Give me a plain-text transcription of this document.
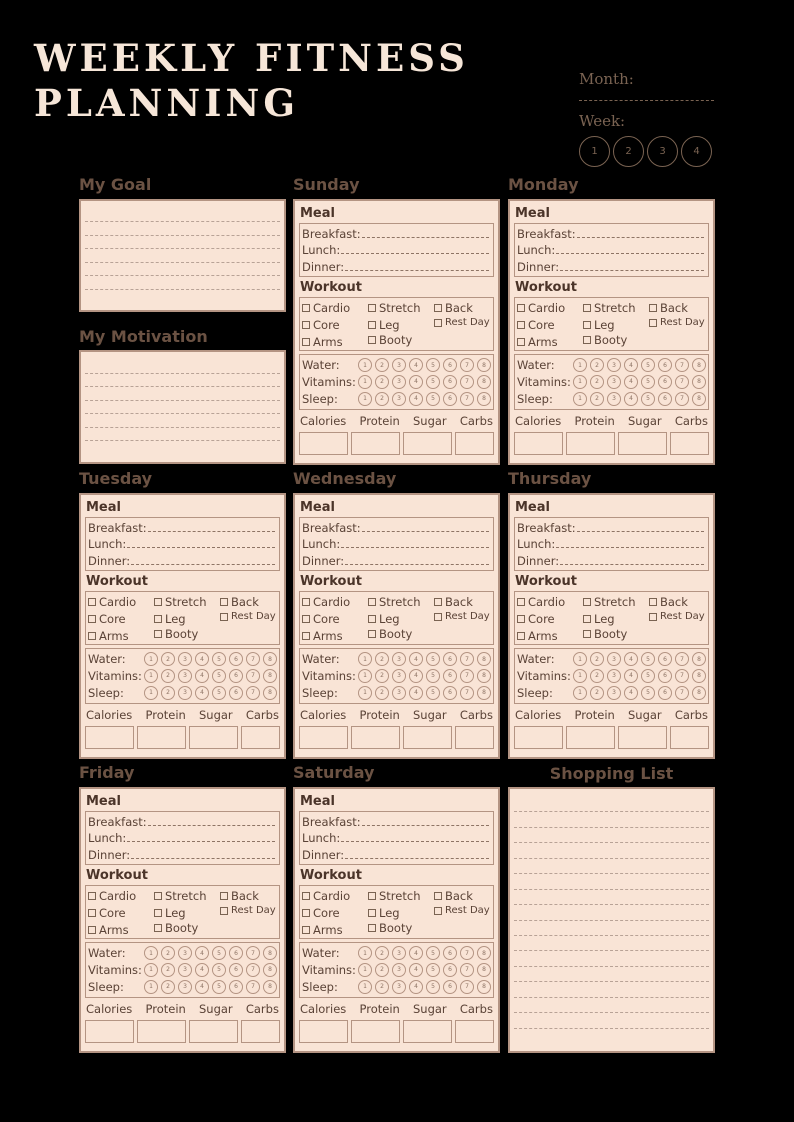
WEEKLY FITNESS
PLANNING
Month:
Week:
1	2	3	4
My Goal
My Motivation
Shopping List
Sunday
Meal
Breakfast:
Lunch:
Dinner:
Workout
Cardio	Stretch Back
Core	Leg	Rest Day
Arms	Booty
Water:	1	2	3	4	5	6	7	8
Vitamins:	1	2	3	4	5	6	7	8
Sleep:	1	2	3	4	5	6	7	8
Calories Protein Sugar Carbs
Monday
Meal
Breakfast:
Lunch:
Dinner:
Workout
Cardio	Stretch Back
Core	Leg	Rest Day
Arms	Booty
Water:	1	2	3	4	5	6	7	8
Vitamins:	1	2	3	4	5	6	7	8
Sleep:	1	2	3	4	5	6	7	8
Calories Protein Sugar Carbs
Tuesday
Meal
Breakfast:
Lunch:
Dinner:
Workout
Cardio	Stretch Back
Core	Leg	Rest Day
Arms	Booty
Water:	1	2	3	4	5	6	7	8
Vitamins:	1	2	3	4	5	6	7	8
Sleep:	1	2	3	4	5	6	7	8
Calories Protein Sugar Carbs
Wednesday
Meal
Breakfast:
Lunch:
Dinner:
Workout
Cardio	Stretch Back
Core	Leg	Rest Day
Arms	Booty
Water:	1	2	3	4	5	6	7	8
Vitamins:	1	2	3	4	5	6	7	8
Sleep:	1	2	3	4	5	6	7	8
Calories Protein Sugar Carbs
Thursday
Meal
Breakfast:
Lunch:
Dinner:
Workout
Cardio	Stretch Back
Core	Leg	Rest Day
Arms	Booty
Water:	1	2	3	4	5	6	7	8
Vitamins:	1	2	3	4	5	6	7	8
Sleep:	1	2	3	4	5	6	7	8
Calories Protein Sugar Carbs
Friday
Meal
Breakfast:
Lunch:
Dinner:
Workout
Cardio	Stretch Back
Core	Leg	Rest Day
Arms	Booty
Water:	1	2	3	4	5	6	7	8
Vitamins:	1	2	3	4	5	6	7	8
Sleep:	1	2	3	4	5	6	7	8
Calories Protein Sugar Carbs
Saturday
Meal
Breakfast:
Lunch:
Dinner:
Workout
Cardio	Stretch Back
Core	Leg	Rest Day
Arms	Booty
Water:	1	2	3	4	5	6	7	8
Vitamins:	1	2	3	4	5	6	7	8
Sleep:	1	2	3	4	5	6	7	8
Calories Protein Sugar Carbs
